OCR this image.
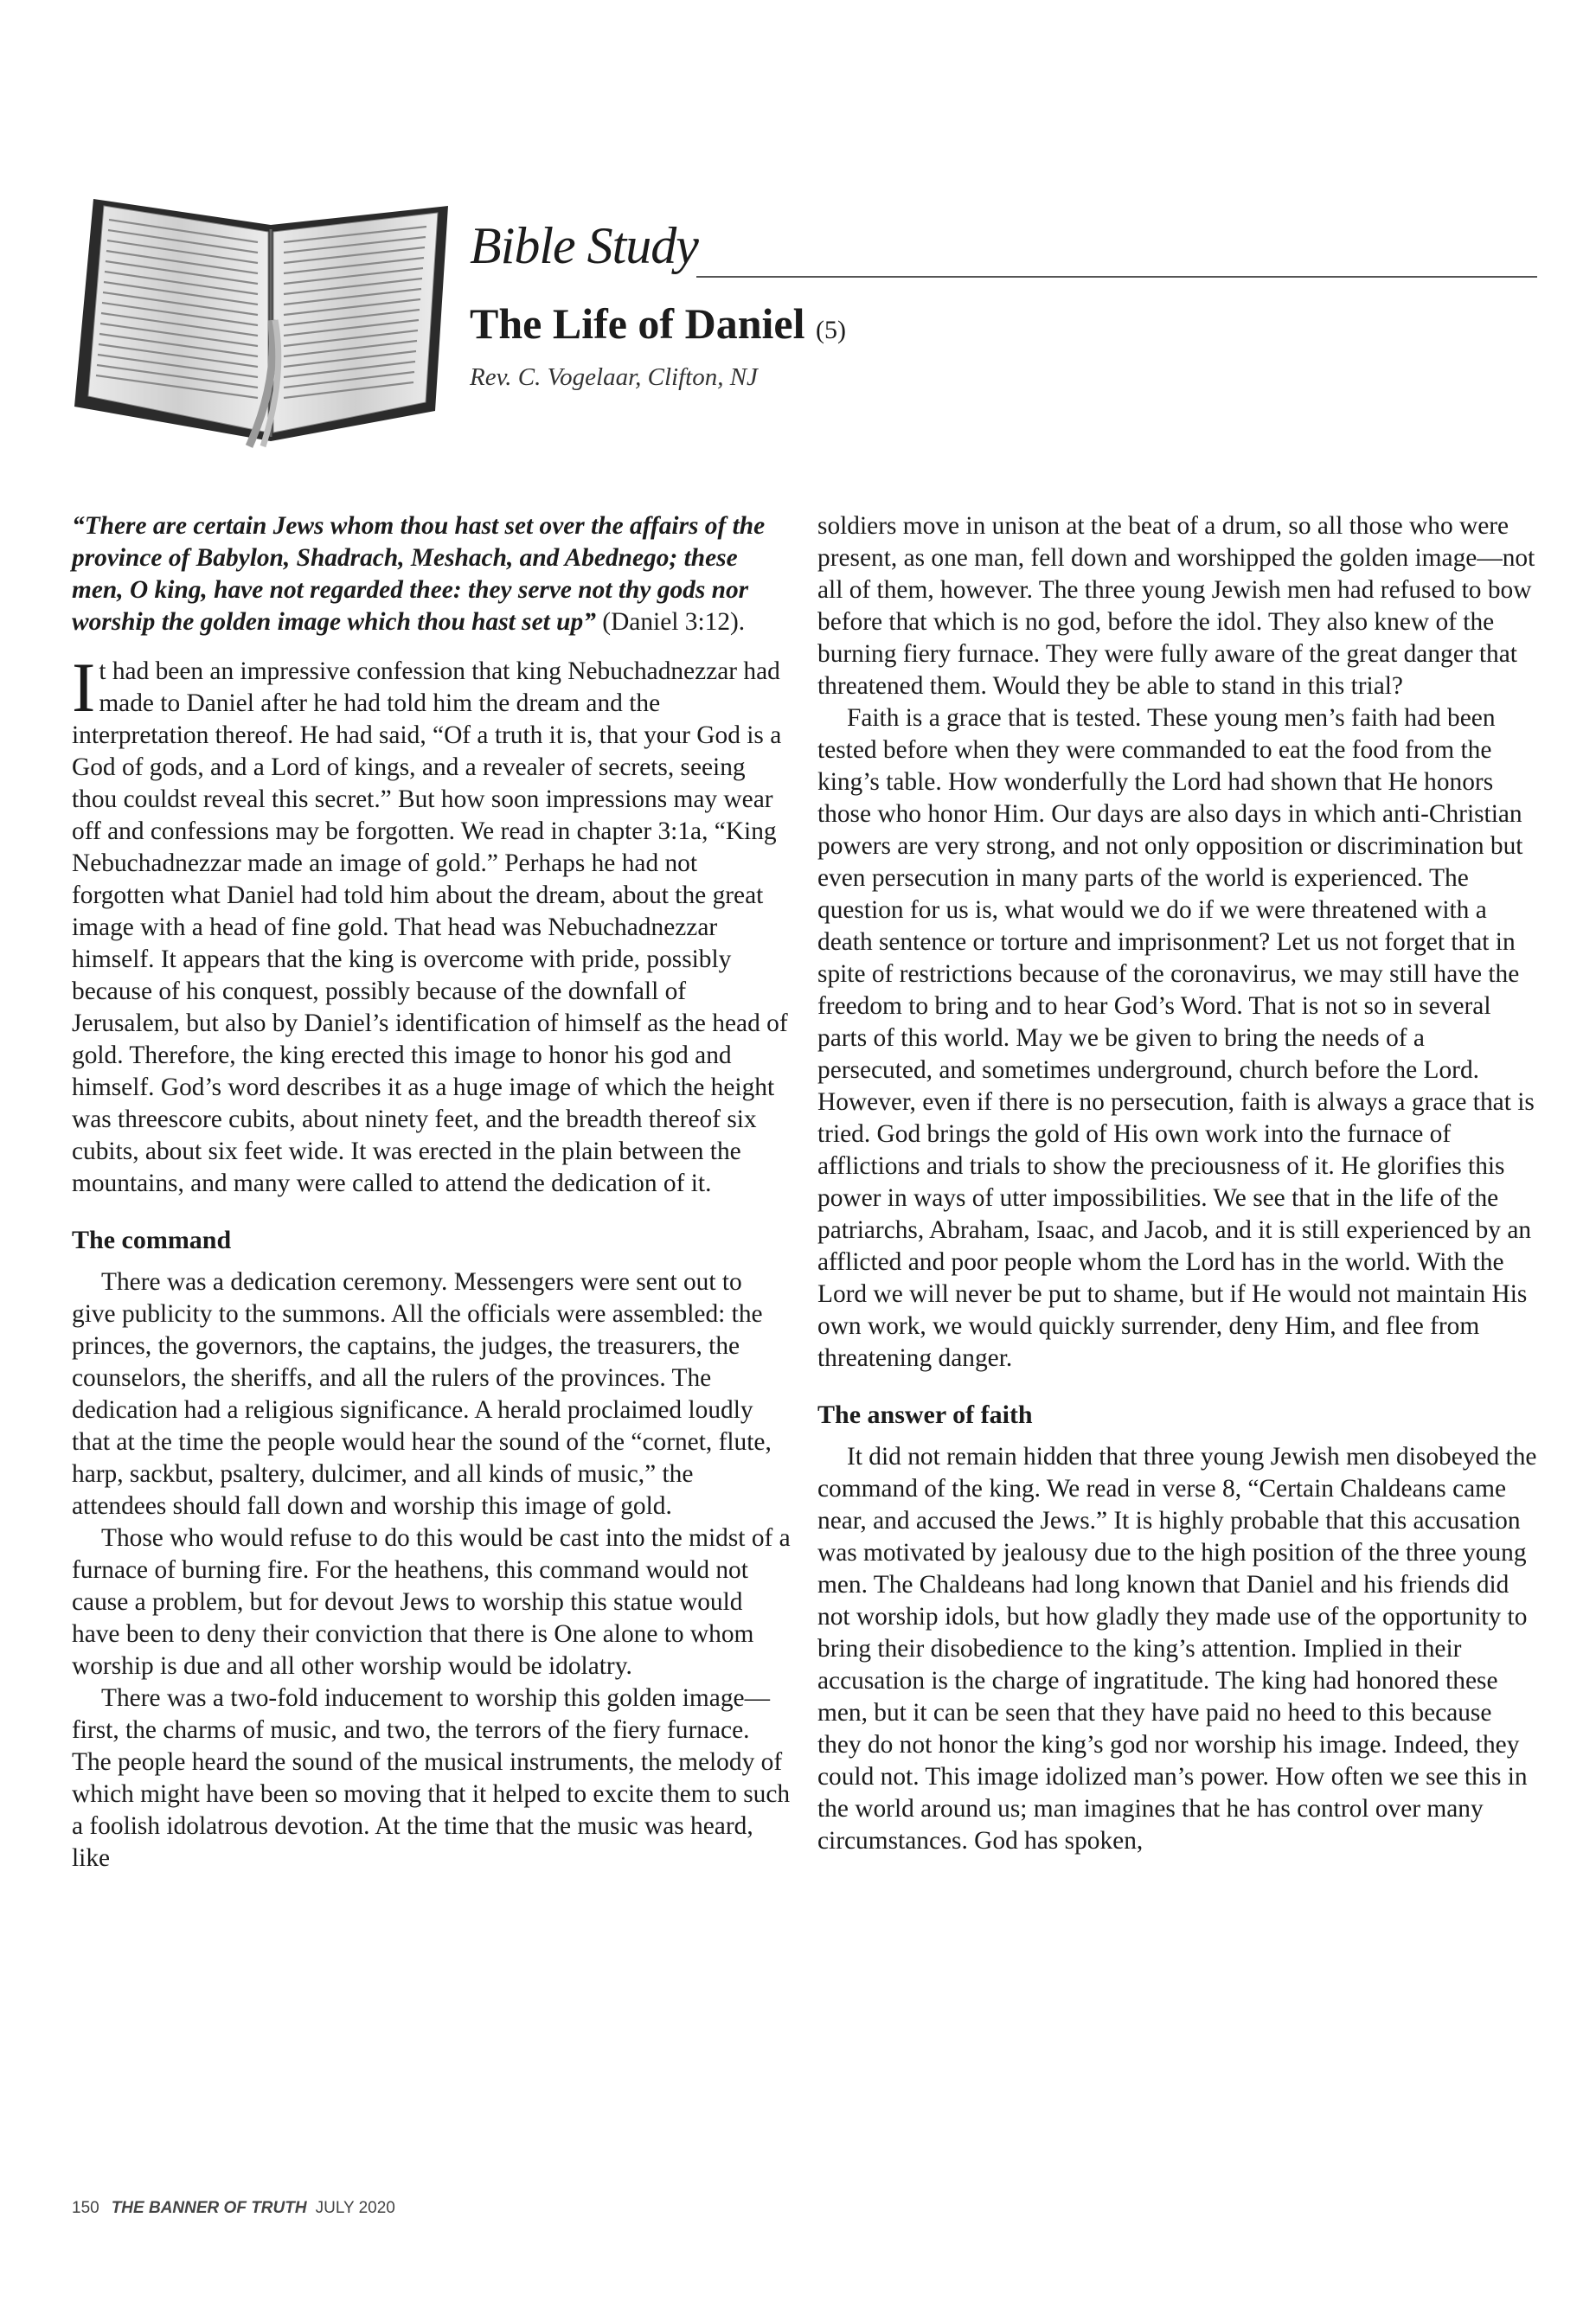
Bible Study
The Life of Daniel (5)
Rev. C. Vogelaar, Clifton, NJ

“There are certain Jews whom thou hast set over the affairs of the province of Babylon, Shadrach, Meshach, and Abednego; these men, O king, have not regarded thee: they serve not thy gods nor worship the golden image which thou hast set up” (Daniel 3:12).

It had been an impressive confession that king Nebuchadnezzar had made to Daniel after he had told him the dream and the interpretation thereof. He had said, “Of a truth it is, that your God is a God of gods, and a Lord of kings, and a revealer of secrets, seeing thou couldst reveal this secret.” But how soon impressions may wear off and confessions may be forgotten. We read in chapter 3:1a, “King Nebuchadnezzar made an image of gold.” Perhaps he had not forgotten what Daniel had told him about the dream, about the great image with a head of fine gold. That head was Nebuchadnezzar himself. It appears that the king is overcome with pride, possibly because of his conquest, possibly because of the downfall of Jerusalem, but also by Daniel’s identification of himself as the head of gold. Therefore, the king erected this image to honor his god and himself. God’s word describes it as a huge image of which the height was threescore cubits, about ninety feet, and the breadth thereof six cubits, about six feet wide. It was erected in the plain between the mountains, and many were called to attend the dedication of it.

The command

There was a dedication ceremony. Messengers were sent out to give publicity to the summons. All the officials were assembled: the princes, the governors, the captains, the judges, the treasurers, the counselors, the sheriffs, and all the rulers of the provinces. The dedication had a religious significance. A herald proclaimed loudly that at the time the people would hear the sound of the “cornet, flute, harp, sackbut, psaltery, dulcimer, and all kinds of music,” the attendees should fall down and worship this image of gold.

Those who would refuse to do this would be cast into the midst of a furnace of burning fire. For the heathens, this command would not cause a problem, but for devout Jews to worship this statue would have been to deny their conviction that there is One alone to whom worship is due and all other worship would be idolatry.

There was a two-fold inducement to worship this golden image—first, the charms of music, and two, the terrors of the fiery furnace. The people heard the sound of the musical instruments, the melody of which might have been so moving that it helped to excite them to such a foolish idolatrous devotion. At the time that the music was heard, like

soldiers move in unison at the beat of a drum, so all those who were present, as one man, fell down and worshipped the golden image—not all of them, however. The three young Jewish men had refused to bow before that which is no god, before the idol. They also knew of the burning fiery furnace. They were fully aware of the great danger that threatened them. Would they be able to stand in this trial?

Faith is a grace that is tested. These young men’s faith had been tested before when they were commanded to eat the food from the king’s table. How wonderfully the Lord had shown that He honors those who honor Him. Our days are also days in which anti-Christian powers are very strong, and not only opposition or discrimination but even persecution in many parts of the world is experienced. The question for us is, what would we do if we were threatened with a death sentence or torture and imprisonment? Let us not forget that in spite of restrictions because of the coronavirus, we may still have the freedom to bring and to hear God’s Word. That is not so in several parts of this world. May we be given to bring the needs of a persecuted, and sometimes underground, church before the Lord. However, even if there is no persecution, faith is always a grace that is tried. God brings the gold of His own work into the furnace of afflictions and trials to show the preciousness of it. He glorifies this power in ways of utter impossibilities. We see that in the life of the patriarchs, Abraham, Isaac, and Jacob, and it is still experienced by an afflicted and poor people whom the Lord has in the world. With the Lord we will never be put to shame, but if He would not maintain His own work, we would quickly surrender, deny Him, and flee from threatening danger.

The answer of faith

It did not remain hidden that three young Jewish men disobeyed the command of the king. We read in verse 8, “Certain Chaldeans came near, and accused the Jews.” It is highly probable that this accusation was motivated by jealousy due to the high position of the three young men. The Chaldeans had long known that Daniel and his friends did not worship idols, but how gladly they made use of the opportunity to bring their disobedience to the king’s attention. Implied in their accusation is the charge of ingratitude. The king had honored these men, but it can be seen that they have paid no heed to this because they do not honor the king’s god nor worship his image. Indeed, they could not. This image idolized man’s power. How often we see this in the world around us; man imagines that he has control over many circumstances. God has spoken,

150 THE BANNER OF TRUTH JULY 2020
